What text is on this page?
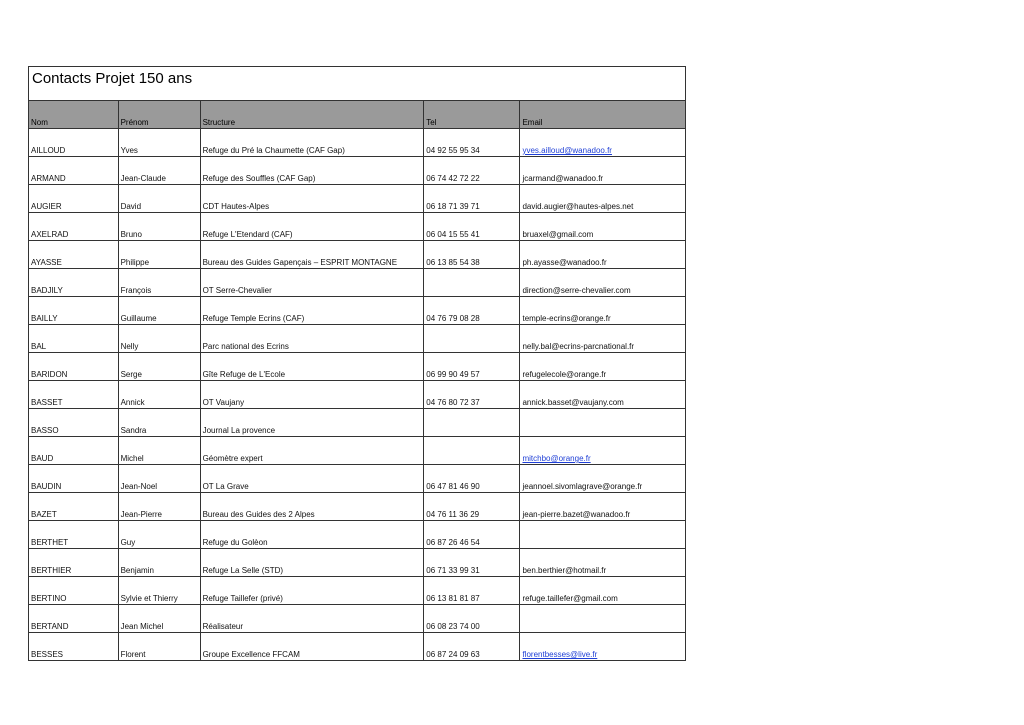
Contacts Projet 150 ans
Nom	Prénom	Structure	Tel	Email
AILLOUD	Yves	Refuge du Pré la Chaumette (CAF Gap)	04 92 55 95 34	yves.ailloud@wanadoo.fr
ARMAND	Jean-Claude	Refuge des Souffles (CAF Gap)	06 74 42 72 22	jcarmand@wanadoo.fr
AUGIER	David	CDT Hautes-Alpes	06 18 71 39 71	david.augier@hautes-alpes.net
AXELRAD	Bruno	Refuge L'Etendard (CAF)	06 04 15 55 41	bruaxel@gmail.com
AYASSE	Philippe	Bureau des Guides Gapençais – ESPRIT MONTAGNE	06 13 85 54 38	ph.ayasse@wanadoo.fr
BADJILY	François	OT Serre-Chevalier		direction@serre-chevalier.com
BAILLY	Guillaume	Refuge Temple Ecrins (CAF)	04 76 79 08 28	temple-ecrins@orange.fr
BAL	Nelly	Parc national des Ecrins		nelly.bal@ecrins-parcnational.fr
BARIDON	Serge	Gîte Refuge de L'Ecole	06 99 90 49 57	refugelecole@orange.fr
BASSET	Annick	OT Vaujany	04 76 80 72 37	annick.basset@vaujany.com
BASSO	Sandra	Journal La provence		
BAUD	Michel	Géomètre expert		mitchbo@orange.fr
BAUDIN	Jean-Noel	OT La Grave	06 47 81 46 90	jeannoel.sivomlagrave@orange.fr
BAZET	Jean-Pierre	Bureau des Guides des 2 Alpes	04 76 11 36 29	jean-pierre.bazet@wanadoo.fr
BERTHET	Guy	Refuge du Golèon	06 87 26 46 54	
BERTHIER	Benjamin	Refuge La Selle (STD)	06 71 33 99 31	ben.berthier@hotmail.fr
BERTINO	Sylvie et Thierry	Refuge Taillefer (privé)	06 13 81 81 87	refuge.taillefer@gmail.com
BERTAND	Jean Michel	Réalisateur	06 08 23 74 00	
BESSES	Florent	Groupe Excellence FFCAM	06 87 24 09 63	florentbesses@live.fr
